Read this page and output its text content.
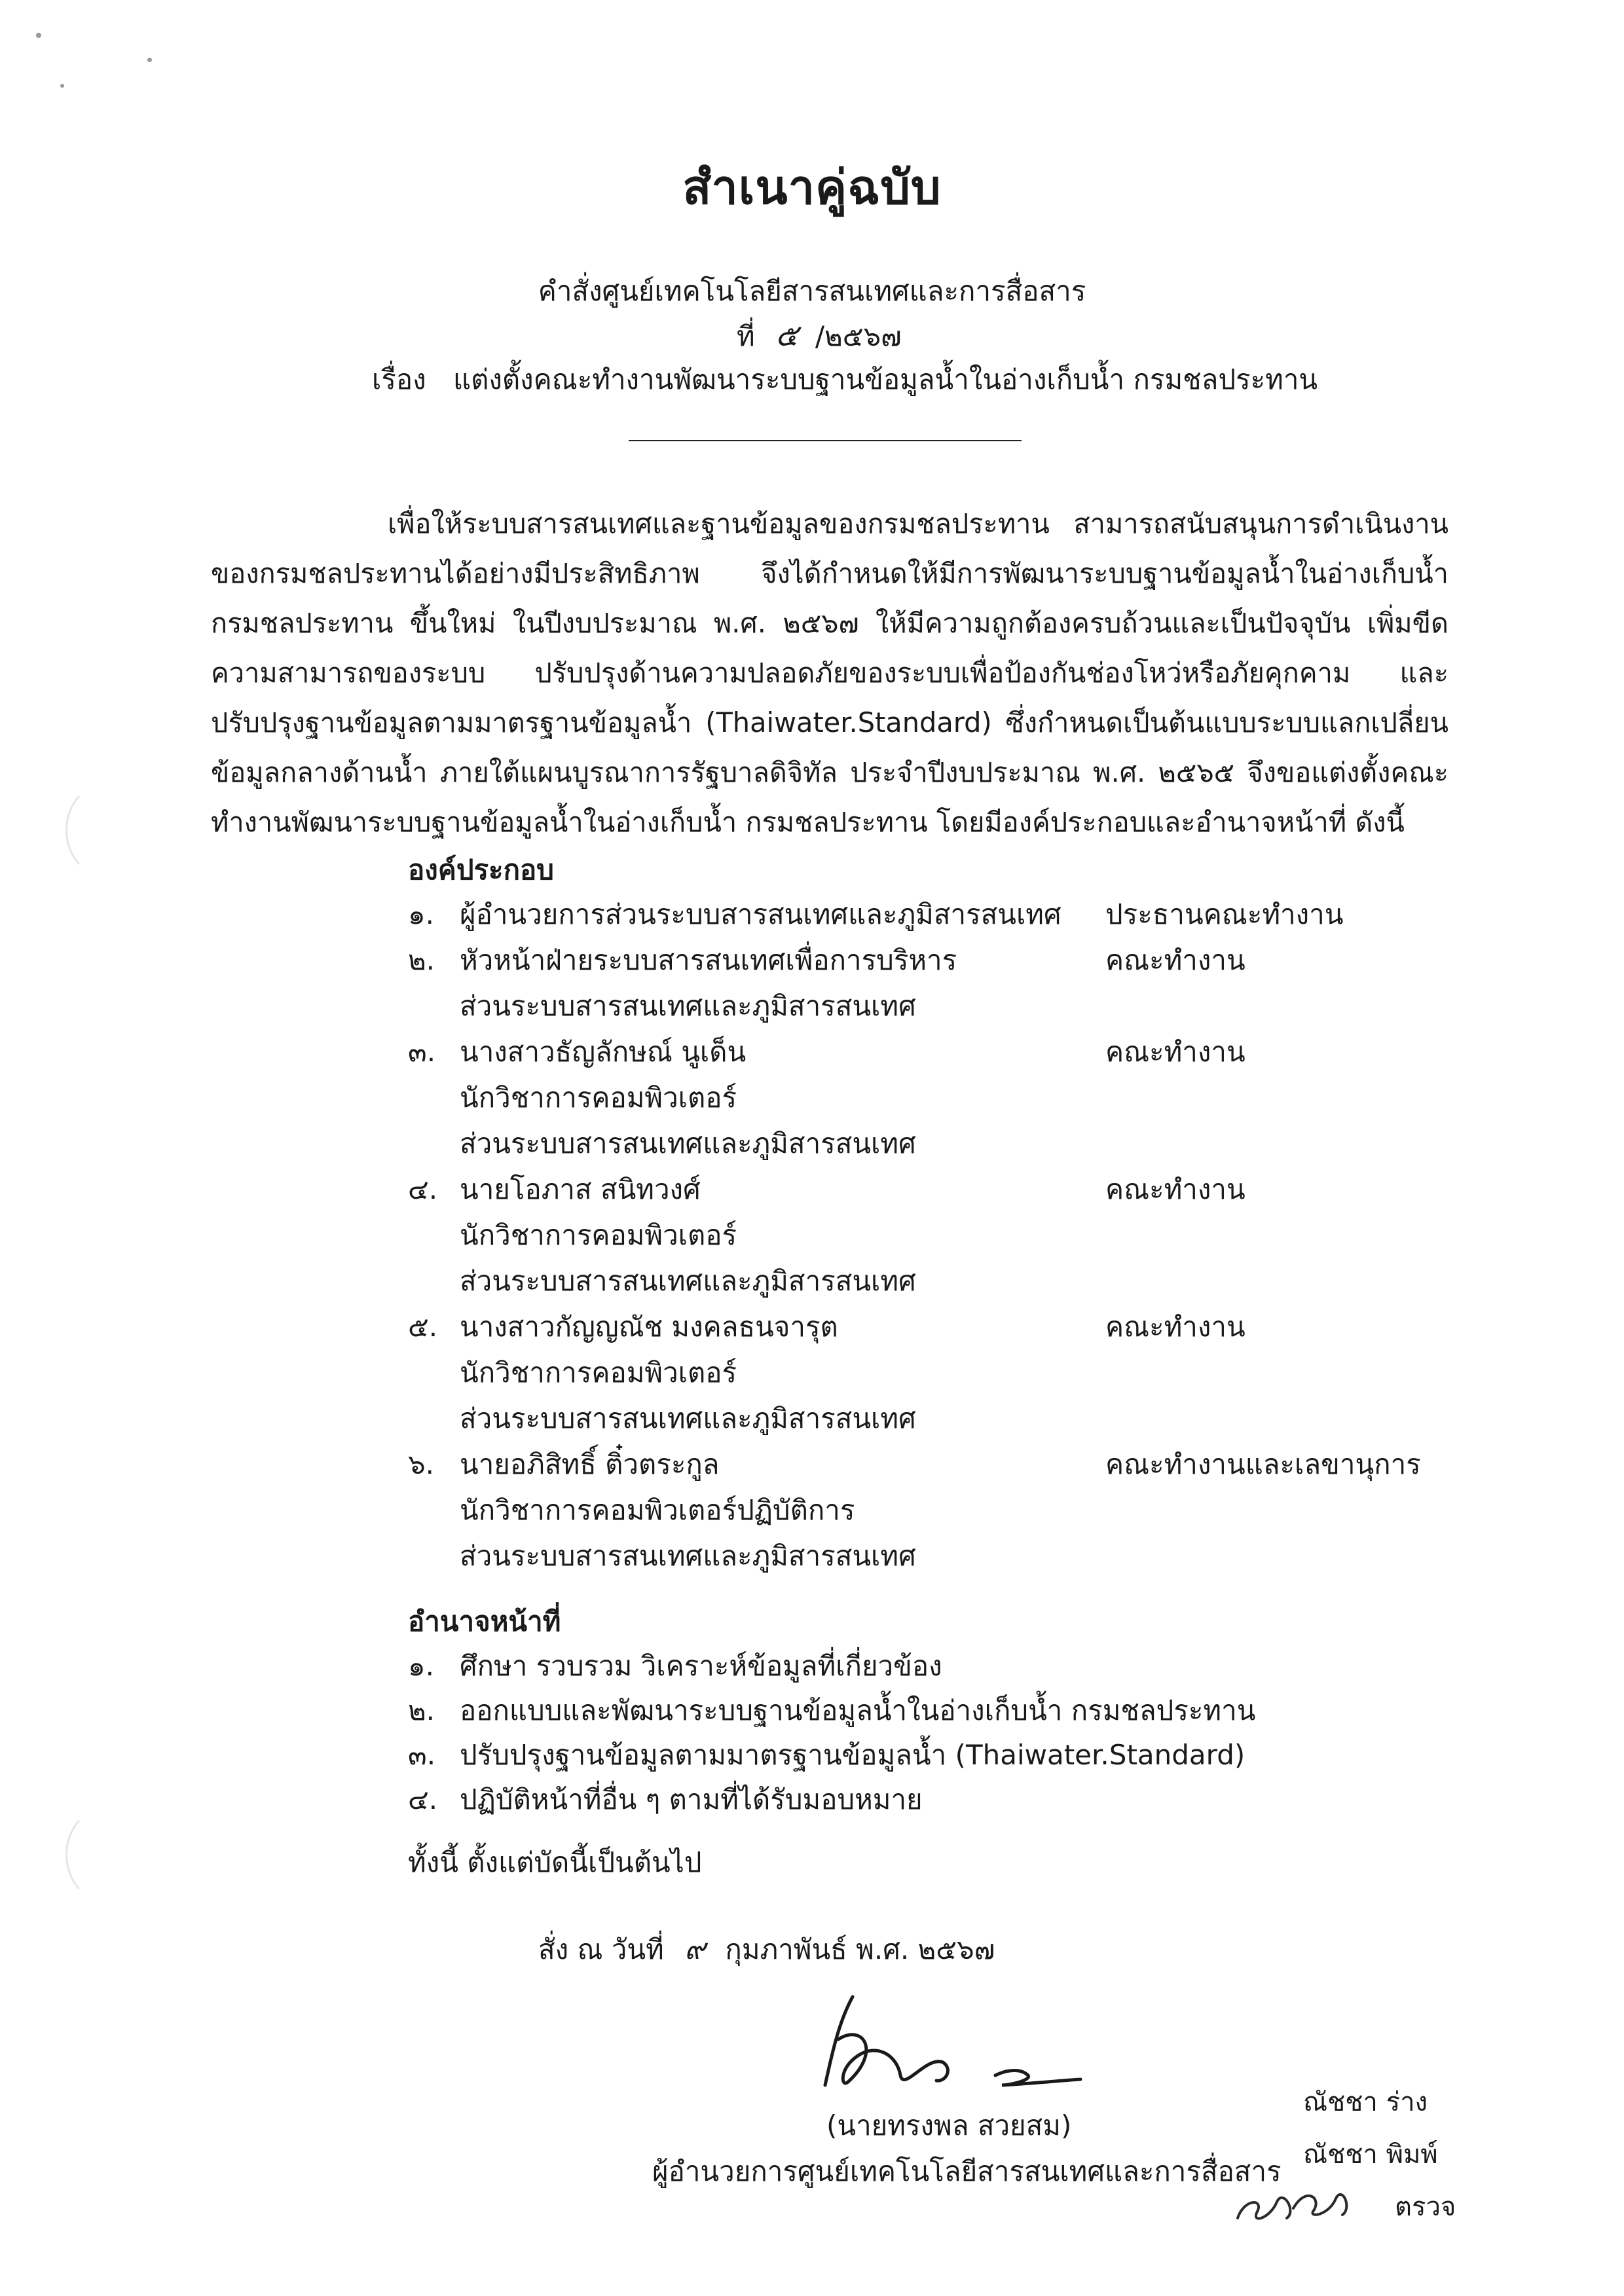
สำเนาคู่ฉบับ
คำสั่งศูนย์เทคโนโลยีสารสนเทศและการสื่อสาร
ที่ ๕ /๒๕๖๗
เรื่อง แต่งตั้งคณะทำงานพัฒนาระบบฐานข้อมูลน้ำในอ่างเก็บน้ำ กรมชลประทาน

เพื่อให้ระบบสารสนเทศและฐานข้อมูลของกรมชลประทาน สามารถสนับสนุนการดำเนินงานของกรมชลประทานได้อย่างมีประสิทธิภาพ จึงได้กำหนดให้มีการพัฒนาระบบฐานข้อมูลน้ำในอ่างเก็บน้ำ กรมชลประทาน ขึ้นใหม่ ในปีงบประมาณ พ.ศ. ๒๕๖๗ ให้มีความถูกต้องครบถ้วนและเป็นปัจจุบัน เพิ่มขีดความสามารถของระบบ ปรับปรุงด้านความปลอดภัยของระบบเพื่อป้องกันช่องโหว่หรือภัยคุกคาม และปรับปรุงฐานข้อมูลตามมาตรฐานข้อมูลน้ำ (Thaiwater.Standard) ซึ่งกำหนดเป็นต้นแบบระบบแลกเปลี่ยนข้อมูลกลางด้านน้ำ ภายใต้แผนบูรณาการรัฐบาลดิจิทัล ประจำปีงบประมาณ พ.ศ. ๒๕๖๕ จึงขอแต่งตั้งคณะทำงานพัฒนาระบบฐานข้อมูลน้ำในอ่างเก็บน้ำ กรมชลประทาน โดยมีองค์ประกอบและอำนาจหน้าที่ ดังนี้

องค์ประกอบ
๑. ผู้อำนวยการส่วนระบบสารสนเทศและภูมิสารสนเทศ ประธานคณะทำงาน
๒. หัวหน้าฝ่ายระบบสารสนเทศเพื่อการบริหาร
ส่วนระบบสารสนเทศและภูมิสารสนเทศ
คณะทำงาน
๓. นางสาวธัญลักษณ์ นูเด็น
นักวิชาการคอมพิวเตอร์
ส่วนระบบสารสนเทศและภูมิสารสนเทศ
คณะทำงาน
๔. นายโอภาส สนิทวงศ์
นักวิชาการคอมพิวเตอร์
ส่วนระบบสารสนเทศและภูมิสารสนเทศ
คณะทำงาน
๕. นางสาวกัญญณัช มงคลธนจารุต
นักวิชาการคอมพิวเตอร์
ส่วนระบบสารสนเทศและภูมิสารสนเทศ
คณะทำงาน
๖. นายอภิสิทธิ์ ติ๋วตระกูล
นักวิชาการคอมพิวเตอร์ปฏิบัติการ
ส่วนระบบสารสนเทศและภูมิสารสนเทศ
คณะทำงานและเลขานุการ
อำนาจหน้าที่
๑. ศึกษา รวบรวม วิเคราะห์ข้อมูลที่เกี่ยวข้อง
๒. ออกแบบและพัฒนาระบบฐานข้อมูลน้ำในอ่างเก็บน้ำ กรมชลประทาน
๓. ปรับปรุงฐานข้อมูลตามมาตรฐานข้อมูลน้ำ (Thaiwater.Standard)
๔. ปฏิบัติหน้าที่อื่น ๆ ตามที่ได้รับมอบหมาย
ทั้งนี้ ตั้งแต่บัดนี้เป็นต้นไป
สั่ง ณ วันที่ ๙ กุมภาพันธ์ พ.ศ. ๒๕๖๗
(นายทรงพล สวยสม)
ผู้อำนวยการศูนย์เทคโนโลยีสารสนเทศและการสื่อสาร
ณัชชา ร่าง
ณัชชา พิมพ์
ตรวจ
